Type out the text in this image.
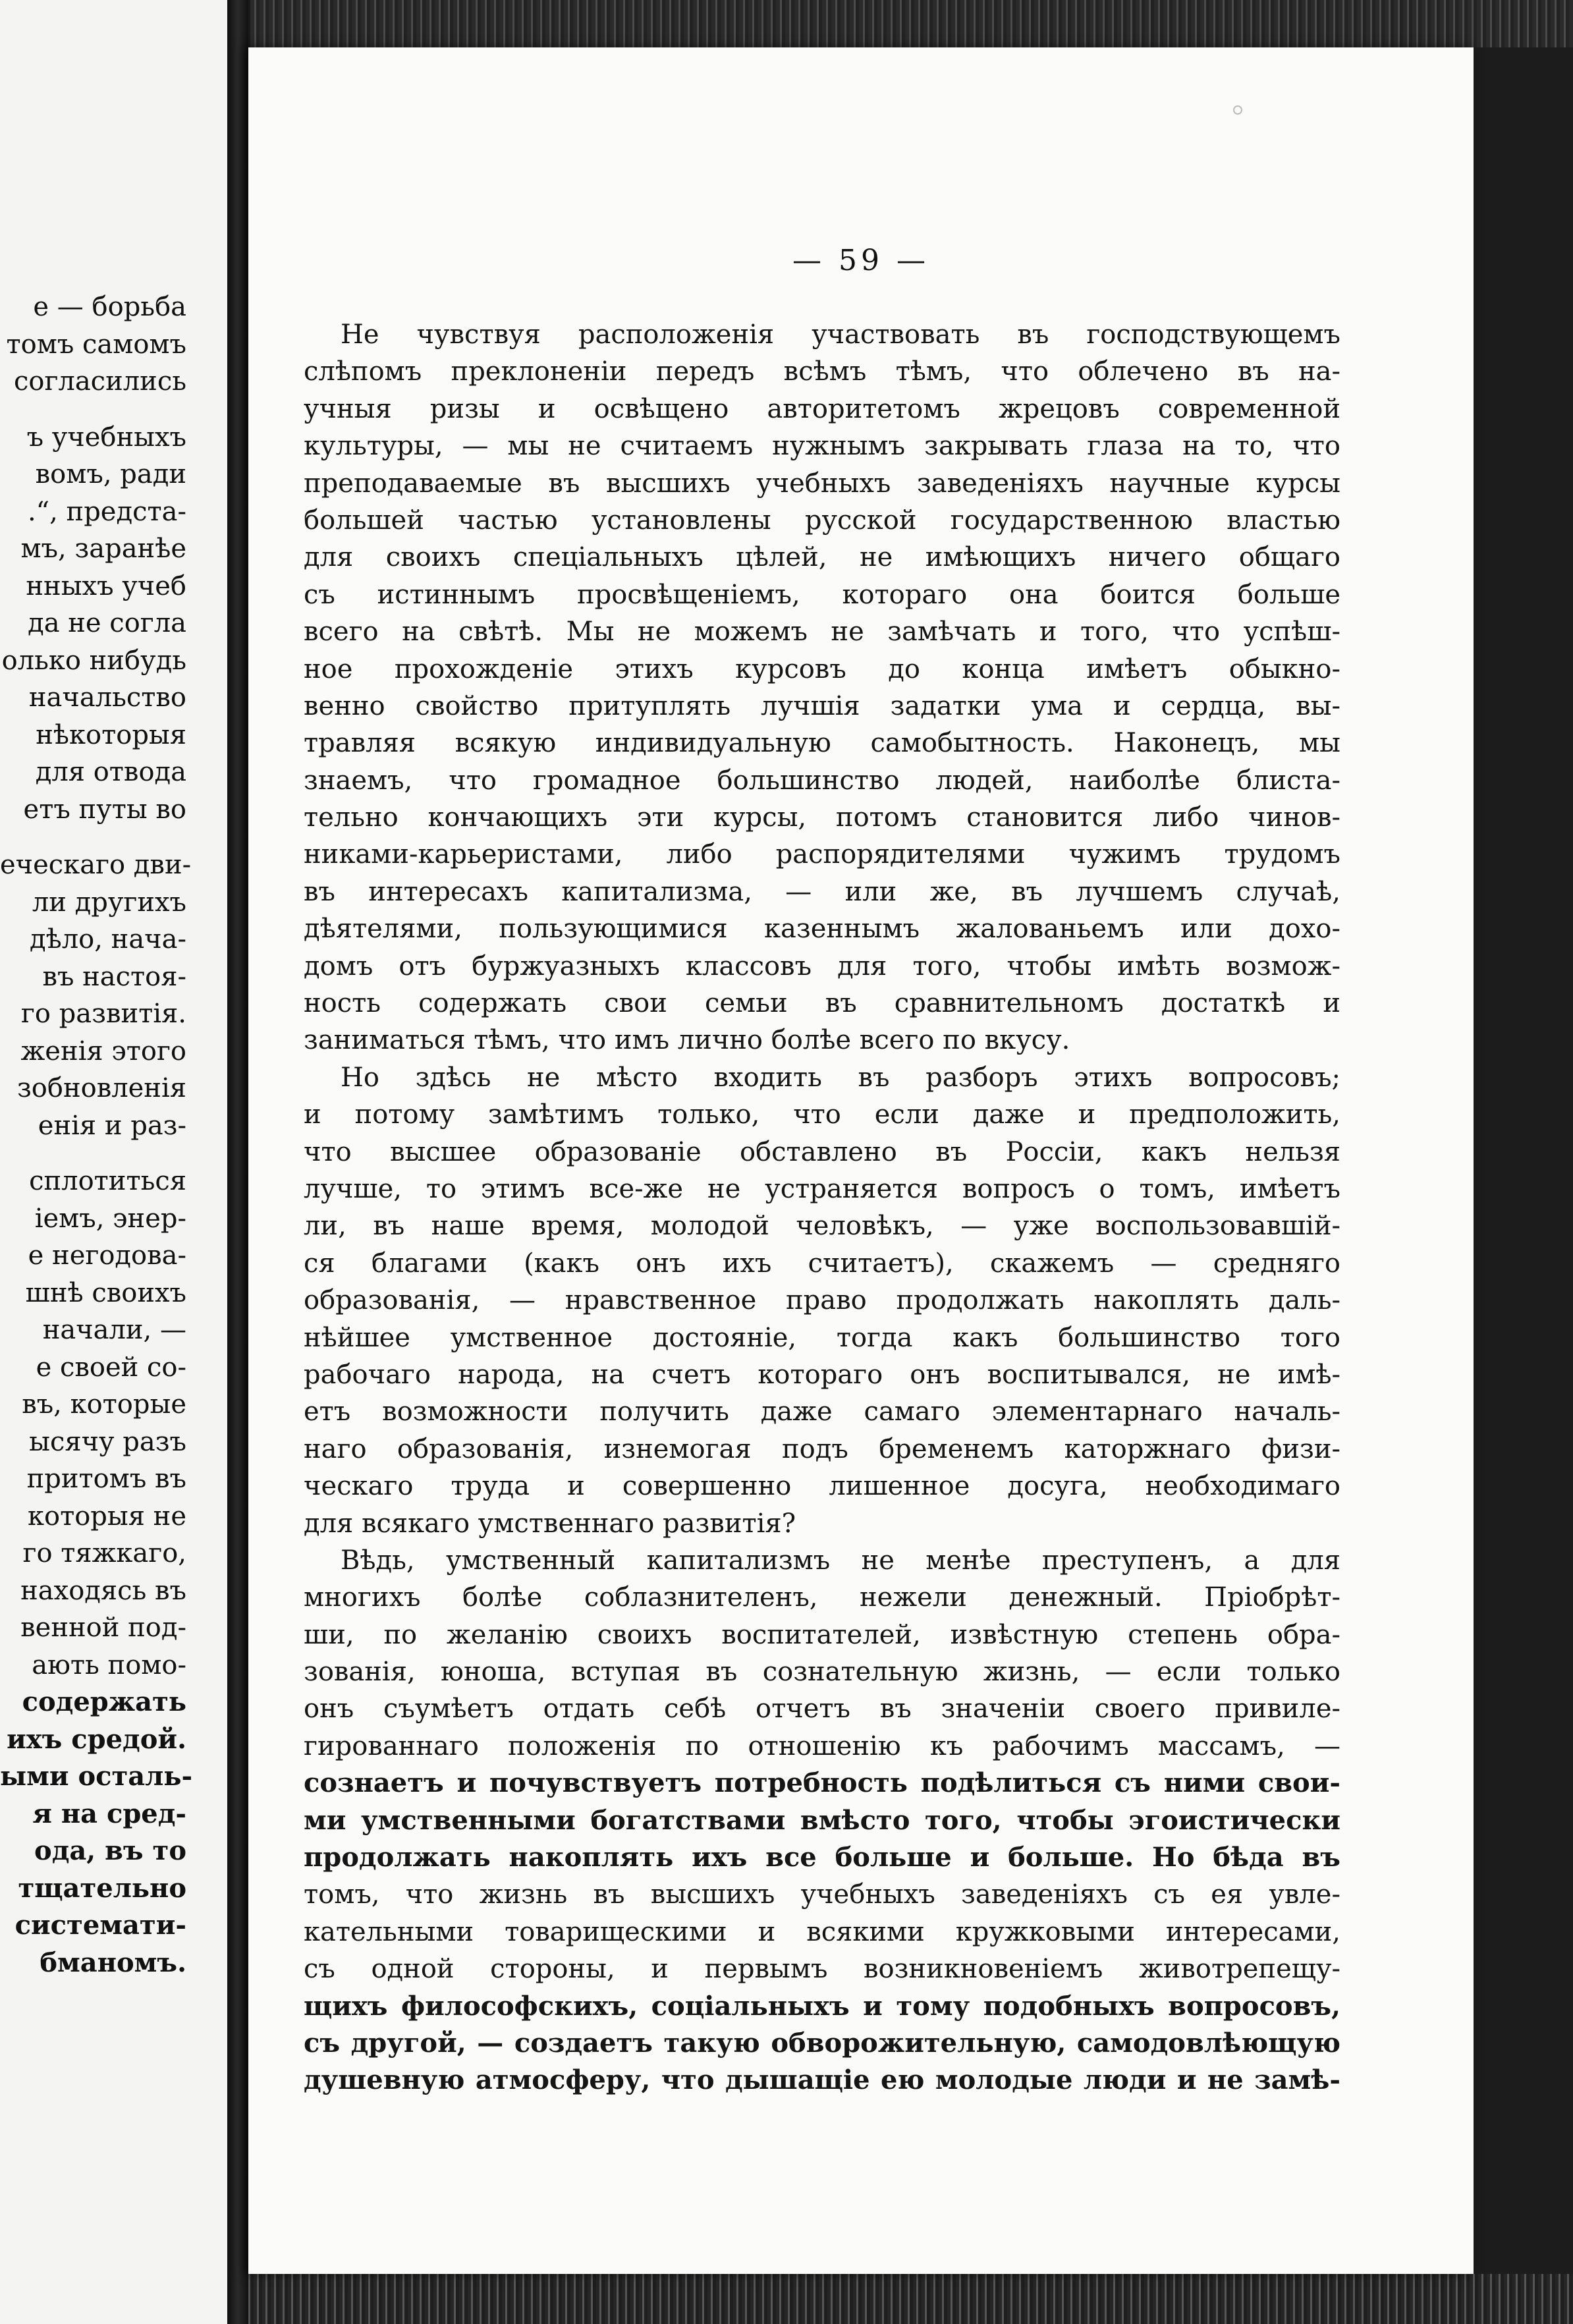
е — борьба
томъ самомъ
согласились
ъ учебныхъ
вомъ, ради
.“, предста-
мъ, заранѣе
нныхъ учеб
да не согла
олько нибудь
начальство
нѣкоторыя
для отвода
етъ путы во
еческаго дви-
ли другихъ
дѣло, нача-
въ настоя-
го развитія.
женія этого
зобновленія
енія и раз-
сплотиться
іемъ, энер-
е негодова-
шнѣ своихъ
начали, —
е своей со-
въ, которые
ысячу разъ
притомъ въ
которыя не
го тяжкаго,
находясь въ
венной под-
ають помо-
содержать
ихъ средой.
ыми осталь-
я на сред-
ода, въ то
тщательно
системати-
бманомъ.
— 59 —
Не чувствуя расположенія участвовать въ господствующемъ
слѣпомъ преклоненіи передъ всѣмъ тѣмъ, что облечено въ на-
учныя ризы и освѣщено авторитетомъ жрецовъ современной
культуры, — мы не считаемъ нужнымъ закрывать глаза на то, что
преподаваемые въ высшихъ учебныхъ заведеніяхъ научные курсы
большей частью установлены русской государственною властью
для своихъ спеціальныхъ цѣлей, не имѣющихъ ничего общаго
съ истиннымъ просвѣщеніемъ, котораго она боится больше
всего на свѣтѣ. Мы не можемъ не замѣчать и того, что успѣш-
ное прохожденіе этихъ курсовъ до конца имѣетъ обыкно-
венно свойство притуплять лучшія задатки ума и сердца, вы-
травляя всякую индивидуальную самобытность. Наконецъ, мы
знаемъ, что громадное большинство людей, наиболѣе блиста-
тельно кончающихъ эти курсы, потомъ становится либо чинов-
никами-карьеристами, либо распорядителями чужимъ трудомъ
въ интересахъ капитализма, — или же, въ лучшемъ случаѣ,
дѣятелями, пользующимися казеннымъ жалованьемъ или дохо-
домъ отъ буржуазныхъ классовъ для того, чтобы имѣть возмож-
ность содержать свои семьи въ сравнительномъ достаткѣ и
заниматься тѣмъ, что имъ лично болѣе всего по вкусу.
Но здѣсь не мѣсто входить въ разборъ этихъ вопросовъ;
и потому замѣтимъ только, что если даже и предположить,
что высшее образованіе обставлено въ Россіи, какъ нельзя
лучше, то этимъ все-же не устраняется вопросъ о томъ, имѣетъ
ли, въ наше время, молодой человѣкъ, — уже воспользовавшій-
ся благами (какъ онъ ихъ считаетъ), скажемъ — средняго
образованія, — нравственное право продолжать накоплять даль-
нѣйшее умственное достояніе, тогда какъ большинство того
рабочаго народа, на счетъ котораго онъ воспитывался, не имѣ-
етъ возможности получить даже самаго элементарнаго началь-
наго образованія, изнемогая подъ бременемъ каторжнаго физи-
ческаго труда и совершенно лишенное досуга, необходимаго
для всякаго умственнаго развитія?
Вѣдь, умственный капитализмъ не менѣе преступенъ, а для
многихъ болѣе соблазнителенъ, нежели денежный. Пріобрѣт-
ши, по желанію своихъ воспитателей, извѣстную степень обра-
зованія, юноша, вступая въ сознательную жизнь, — если только
онъ съумѣетъ отдать себѣ отчетъ въ значеніи своего привиле-
гированнаго положенія по отношенію къ рабочимъ массамъ, —
сознаетъ и почувствуетъ потребность подѣлиться съ ними свои-
ми умственными богатствами вмѣсто того, чтобы эгоистически
продолжать накоплять ихъ все больше и больше. Но бѣда въ
томъ, что жизнь въ высшихъ учебныхъ заведеніяхъ съ ея увле-
кательными товарищескими и всякими кружковыми интересами,
съ одной стороны, и первымъ возникновеніемъ животрепещу-
щихъ философскихъ, соціальныхъ и тому подобныхъ вопросовъ,
съ другой, — создаетъ такую обворожительную, самодовлѣющую
душевную атмосферу, что дышащіе ею молодые люди и не замѣ-
